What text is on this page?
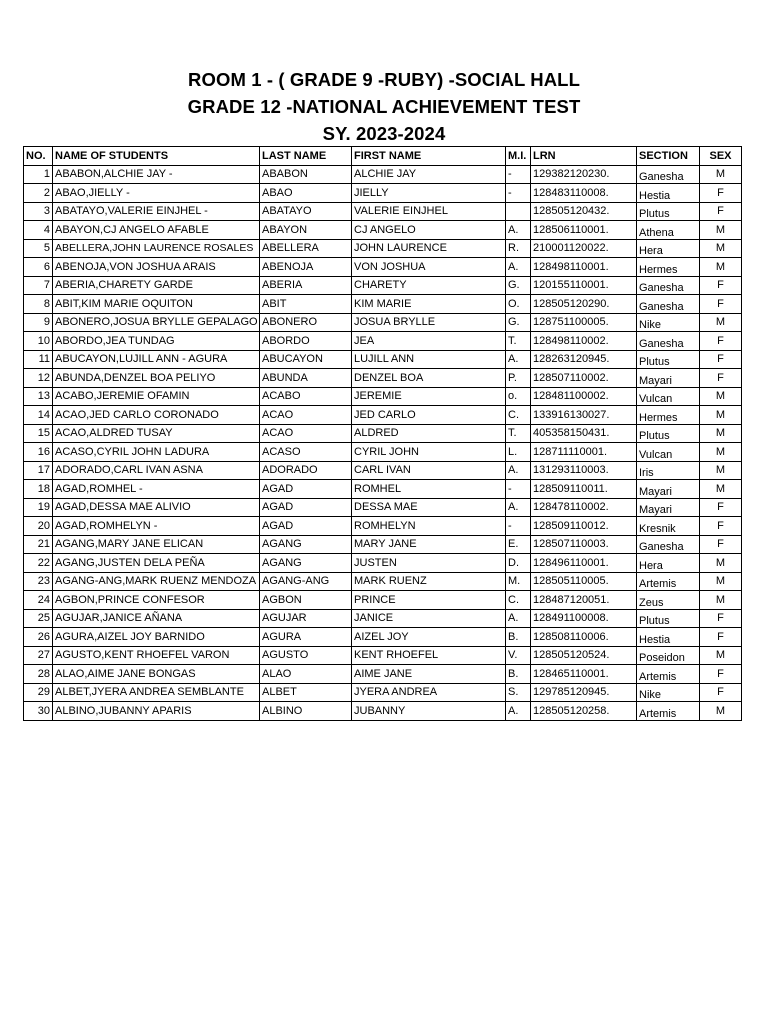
ROOM 1 - ( GRADE 9 -RUBY) -SOCIAL HALL
GRADE 12 -NATIONAL ACHIEVEMENT TEST
SY. 2023-2024
NO.	NAME OF STUDENTS	LAST NAME	FIRST NAME	M.I.	LRN	SECTION	SEX
1	ABABON,ALCHIE JAY -	ABABON	ALCHIE JAY	-	129382120230.	Ganesha	M
2	ABAO,JIELLY -	ABAO	JIELLY	-	128483110008.	Hestia	F
3	ABATAYO,VALERIE EINJHEL -	ABATAYO	VALERIE EINJHEL		128505120432.	Plutus	F
4	ABAYON,CJ ANGELO AFABLE	ABAYON	CJ ANGELO	A.	128506110001.	Athena	M
5	ABELLERA,JOHN LAURENCE ROSALES	ABELLERA	JOHN LAURENCE	R.	210001120022.	Hera	M
6	ABENOJA,VON JOSHUA ARAIS	ABENOJA	VON JOSHUA	A.	128498110001.	Hermes	M
7	ABERIA,CHARETY GARDE	ABERIA	CHARETY	G.	120155110001.	Ganesha	F
8	ABIT,KIM MARIE OQUITON	ABIT	KIM MARIE	O.	128505120290.	Ganesha	F
9	ABONERO,JOSUA BRYLLE GEPALAGO	ABONERO	JOSUA BRYLLE	G.	128751100005.	Nike	M
10	ABORDO,JEA TUNDAG	ABORDO	JEA	T.	128498110002.	Ganesha	F
11	ABUCAYON,LUJILL ANN - AGURA	ABUCAYON	LUJILL ANN	A.	128263120945.	Plutus	F
12	ABUNDA,DENZEL BOA PELIYO	ABUNDA	DENZEL BOA	P.	128507110002.	Mayari	F
13	ACABO,JEREMIE OFAMIN	ACABO	JEREMIE	o.	128481100002.	Vulcan	M
14	ACAO,JED CARLO CORONADO	ACAO	JED CARLO	C.	133916130027.	Hermes	M
15	ACAO,ALDRED TUSAY	ACAO	ALDRED	T.	405358150431.	Plutus	M
16	ACASO,CYRIL JOHN LADURA	ACASO	CYRIL JOHN	L.	128711110001.	Vulcan	M
17	ADORADO,CARL IVAN ASNA	ADORADO	CARL IVAN	A.	131293110003.	Iris	M
18	AGAD,ROMHEL -	AGAD	ROMHEL	-	128509110011.	Mayari	M
19	AGAD,DESSA MAE ALIVIO	AGAD	DESSA MAE	A.	128478110002.	Mayari	F
20	AGAD,ROMHELYN -	AGAD	ROMHELYN	-	128509110012.	Kresnik	F
21	AGANG,MARY JANE ELICAN	AGANG	MARY JANE	E.	128507110003.	Ganesha	F
22	AGANG,JUSTEN DELA PEÑA	AGANG	JUSTEN	D.	128496110001.	Hera	M
23	AGANG-ANG,MARK RUENZ MENDOZA	AGANG-ANG	MARK RUENZ	M.	128505110005.	Artemis	M
24	AGBON,PRINCE CONFESOR	AGBON	PRINCE	C.	128487120051.	Zeus	M
25	AGUJAR,JANICE AÑANA	AGUJAR	JANICE	A.	128491100008.	Plutus	F
26	AGURA,AIZEL JOY BARNIDO	AGURA	AIZEL JOY	B.	128508110006.	Hestia	F
27	AGUSTO,KENT RHOEFEL VARON	AGUSTO	KENT RHOEFEL	V.	128505120524.	Poseidon	M
28	ALAO,AIME JANE BONGAS	ALAO	AIME JANE	B.	128465110001.	Artemis	F
29	ALBET,JYERA ANDREA SEMBLANTE	ALBET	JYERA ANDREA	S.	129785120945.	Nike	F
30	ALBINO,JUBANNY APARIS	ALBINO	JUBANNY	A.	128505120258.	Artemis	M
